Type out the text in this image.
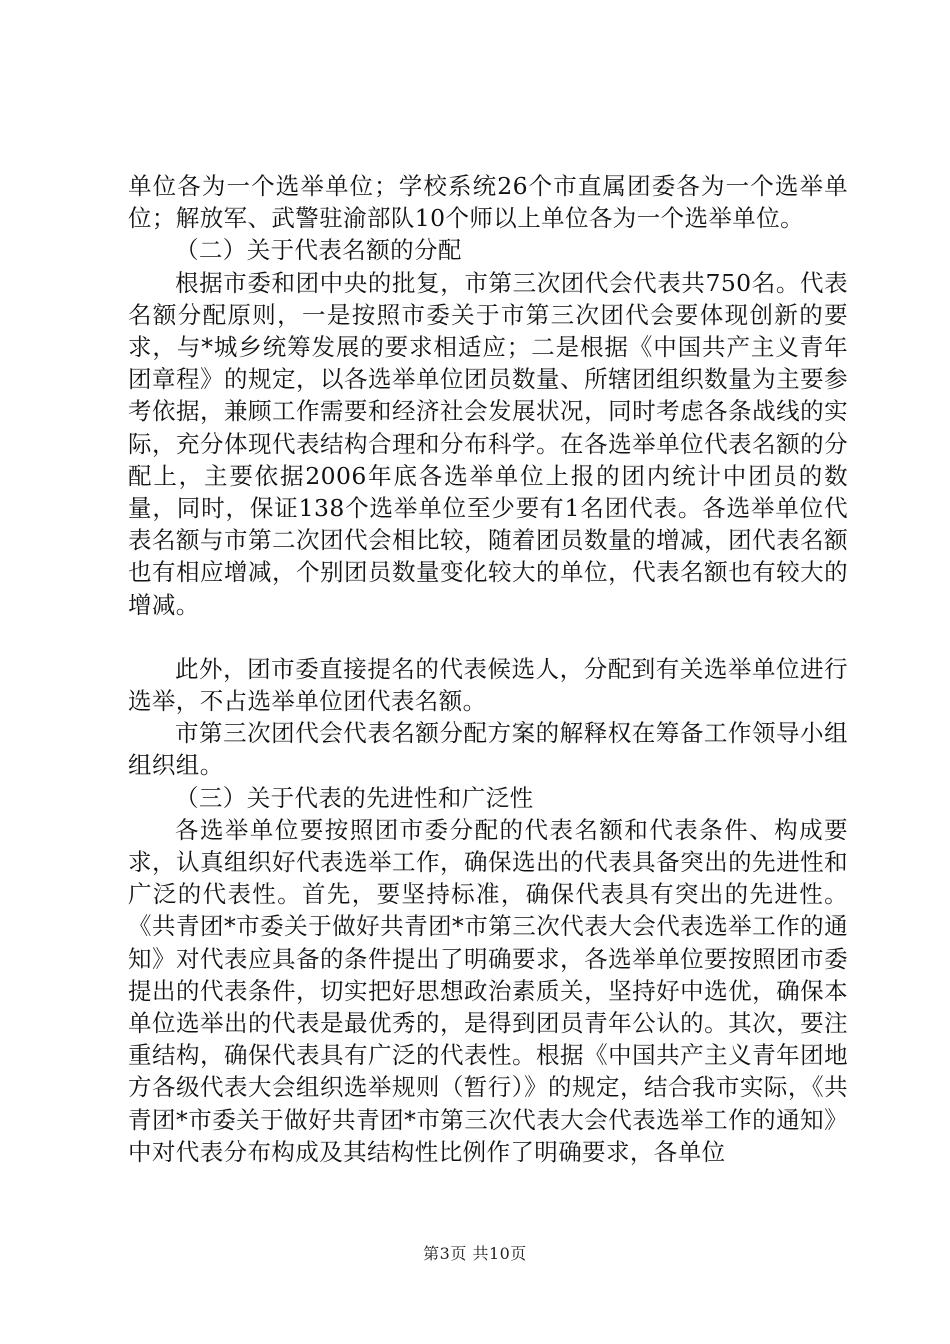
单位各为一个选举单位；学校系统26个市直属团委各为一个选举单位；解放军、武警驻渝部队10个师以上单位各为一个选举单位。

（二）关于代表名额的分配

根据市委和团中央的批复，市第三次团代会代表共750名。代表名额分配原则，一是按照市委关于市第三次团代会要体现创新的要求，与*城乡统筹发展的要求相适应；二是根据《中国共产主义青年团章程》的规定，以各选举单位团员数量、所辖团组织数量为主要参考依据，兼顾工作需要和经济社会发展状况，同时考虑各条战线的实际，充分体现代表结构合理和分布科学。在各选举单位代表名额的分配上，主要依据2006年底各选举单位上报的团内统计中团员的数量，同时，保证138个选举单位至少要有1名团代表。各选举单位代表名额与市第二次团代会相比较，随着团员数量的增减，团代表名额也有相应增减，个别团员数量变化较大的单位，代表名额也有较大的增减。

此外，团市委直接提名的代表候选人，分配到有关选举单位进行选举，不占选举单位团代表名额。

市第三次团代会代表名额分配方案的解释权在筹备工作领导小组组织组。

（三）关于代表的先进性和广泛性

各选举单位要按照团市委分配的代表名额和代表条件、构成要求，认真组织好代表选举工作，确保选出的代表具备突出的先进性和广泛的代表性。首先，要坚持标准，确保代表具有突出的先进性。《共青团*市委关于做好共青团*市第三次代表大会代表选举工作的通知》对代表应具备的条件提出了明确要求，各选举单位要按照团市委提出的代表条件，切实把好思想政治素质关，坚持好中选优，确保本单位选举出的代表是最优秀的，是得到团员青年公认的。其次，要注重结构，确保代表具有广泛的代表性。根据《中国共产主义青年团地方各级代表大会组织选举规则（暂行）》的规定，结合我市实际，《共青团*市委关于做好共青团*市第三次代表大会代表选举工作的通知》中对代表分布构成及其结构性比例作了明确要求，各单位

第3页 共10页
